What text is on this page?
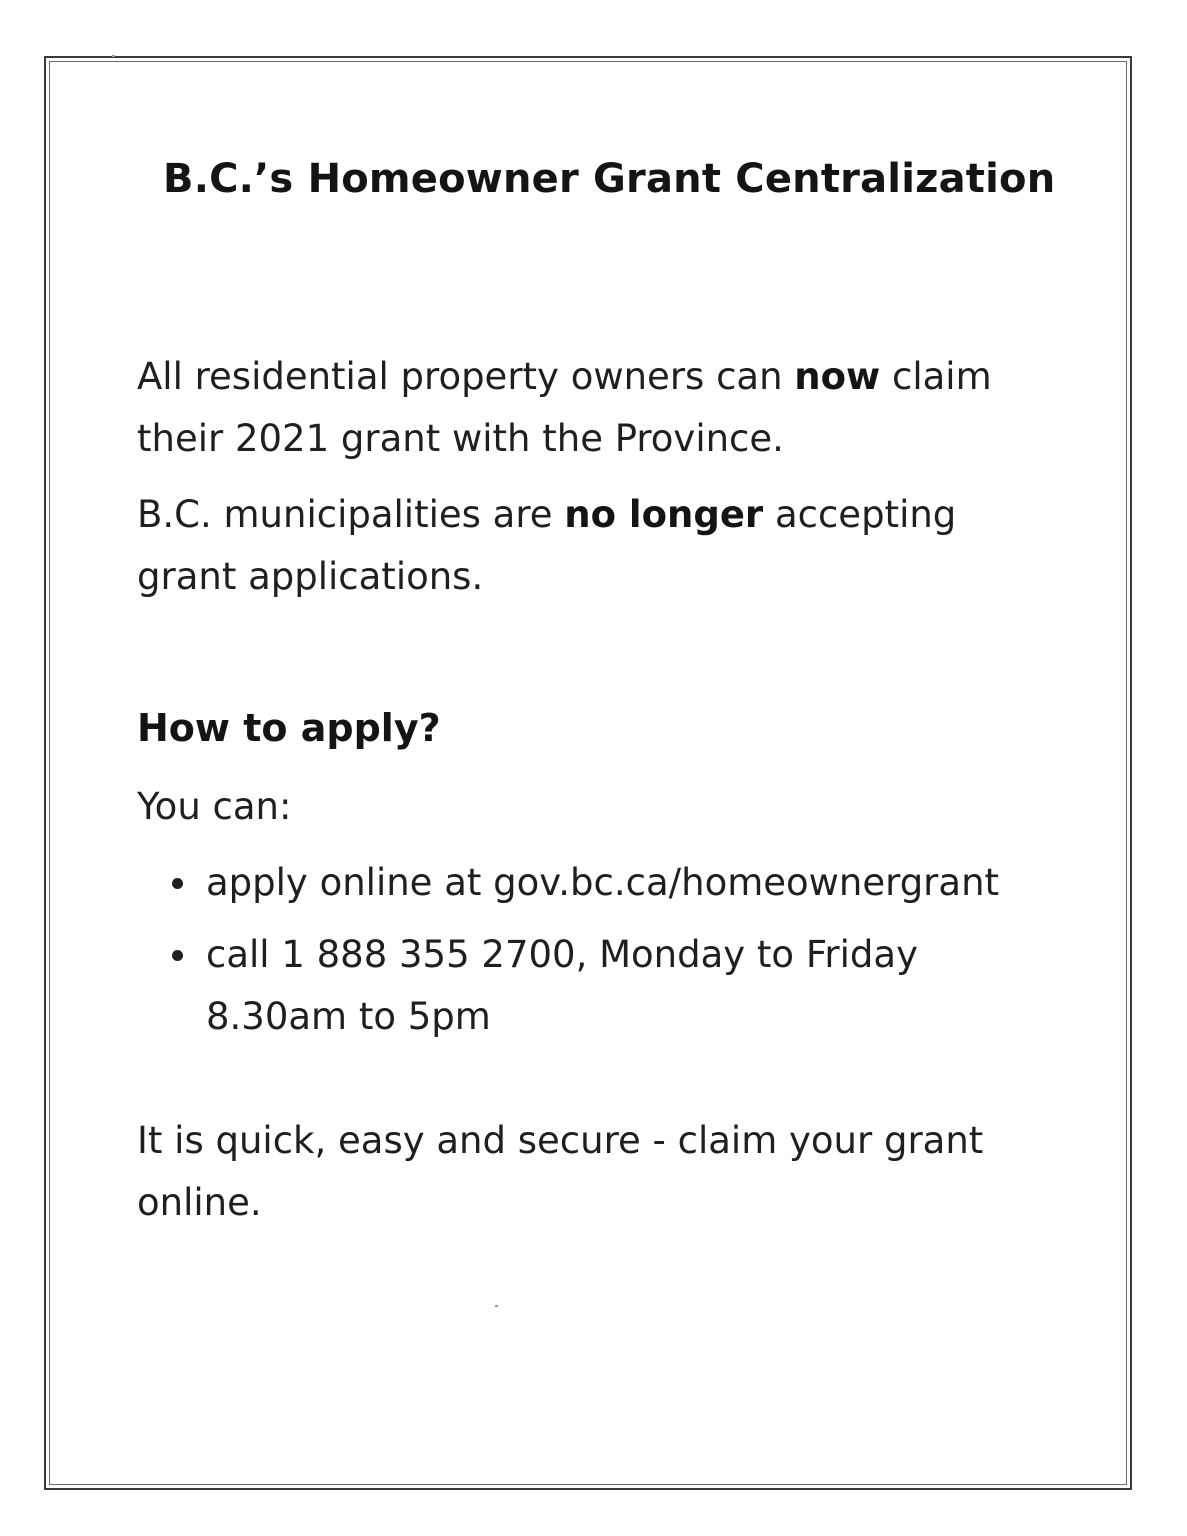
B.C.’s Homeowner Grant Centralization

All residential property owners can now claim
their 2021 grant with the Province.

B.C. municipalities are no longer accepting
grant applications.

How to apply?

You can:

apply online at gov.bc.ca/homeownergrant
call 1 888 355 2700, Monday to Friday
8.30am to 5pm

It is quick, easy and secure - claim your grant
online.
